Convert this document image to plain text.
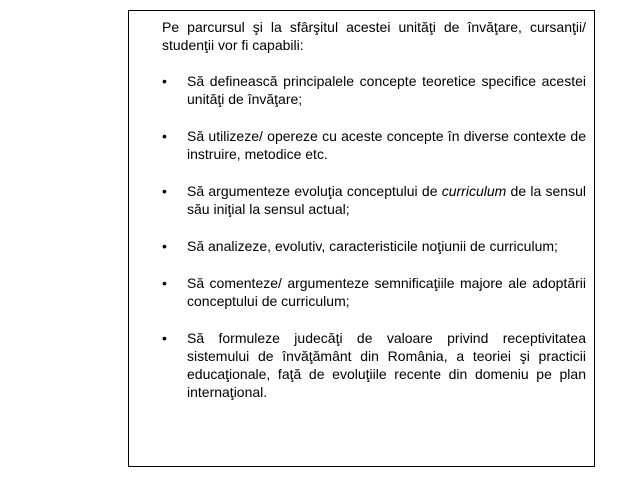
Pe parcursul şi la sfârşitul acestei unităţi de învăţare, cursanţii/ studenţii vor fi capabili:

•	Să definească principalele concepte teoretice specifice acestei unităţi de învăţare;
•	Să utilizeze/ opereze cu aceste concepte în diverse contexte de instruire, metodice etc.
•	Să argumenteze evoluţia conceptului de curriculum de la sensul său iniţial la sensul actual;
•	Să analizeze, evolutiv, caracteristicile noţiunii de curriculum;
•	Să comenteze/ argumenteze semnificaţiile majore ale adoptării conceptului de curriculum;
•	Să formuleze judecăţi de valoare privind receptivitatea sistemului de învăţământ din România, a teoriei şi practicii educaţionale, faţă de evoluţiile recente din domeniu pe plan internaţional.
